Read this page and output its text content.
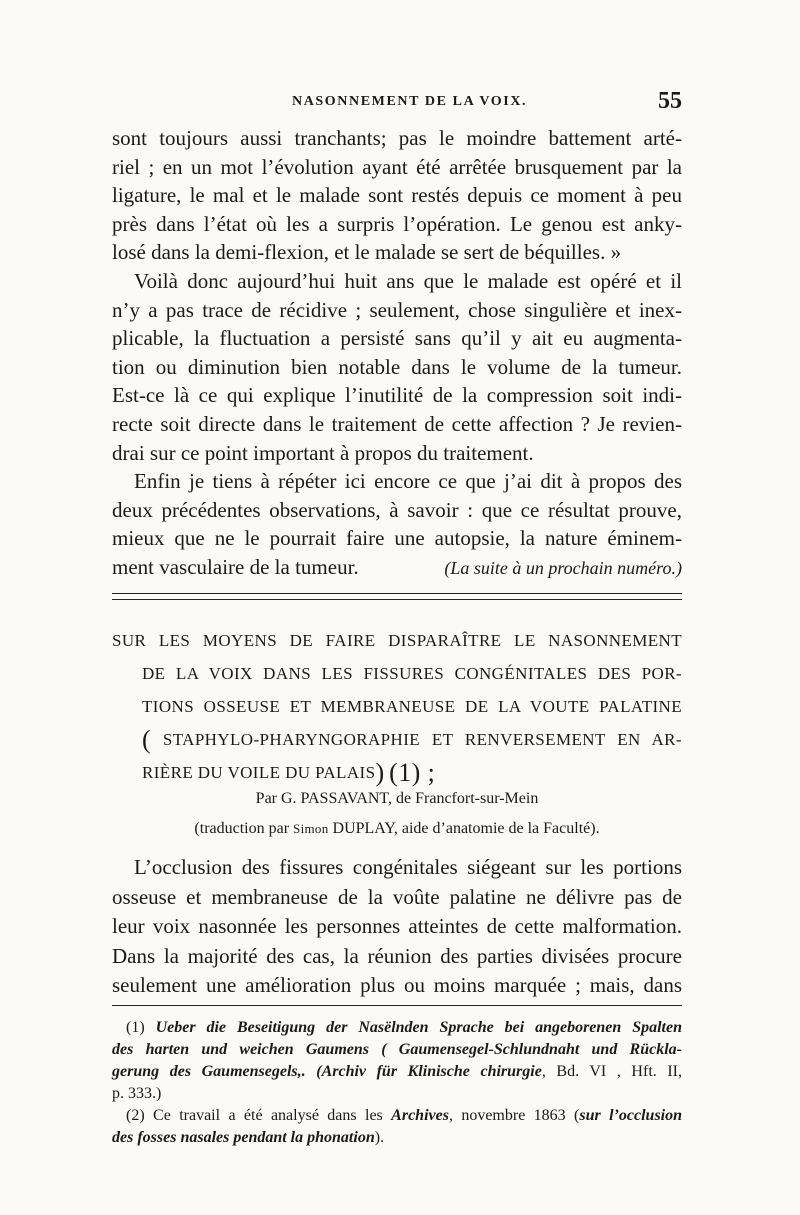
NASONNEMENT DE LA VOIX.	55
sont toujours aussi tranchants; pas le moindre battement arté-
riel ; en un mot l’évolution ayant été arrêtée brusquement par la
ligature, le mal et le malade sont restés depuis ce moment à peu
près dans l’état où les a surpris l’opération. Le genou est anky-
losé dans la demi-flexion, et le malade se sert de béquilles. »
Voilà donc aujourd’hui huit ans que le malade est opéré et il
n’y a pas trace de récidive ; seulement, chose singulière et inex-
plicable, la fluctuation a persisté sans qu’il y ait eu augmenta-
tion ou diminution bien notable dans le volume de la tumeur.
Est-ce là ce qui explique l’inutilité de la compression soit indi-
recte soit directe dans le traitement de cette affection ? Je revien-
drai sur ce point important à propos du traitement.
Enfin je tiens à répéter ici encore ce que j’ai dit à propos des
deux précédentes observations, à savoir : que ce résultat prouve,
mieux que ne le pourrait faire une autopsie, la nature éminem-
ment vasculaire de la tumeur.	(La suite à un prochain numéro.)
SUR LES MOYENS DE FAIRE DISPARAÎTRE LE NASONNEMENT
DE LA VOIX DANS LES FISSURES CONGÉNITALES DES POR-
TIONS OSSEUSE ET MEMBRANEUSE DE LA VOUTE PALATINE
( STAPHYLO-PHARYNGORAPHIE ET RENVERSEMENT EN AR-
RIÈRE DU VOILE DU PALAIS) (1) ;
Par G. PASSAVANT, de Francfort-sur-Mein
(traduction par Simon DUPLAY, aide d’anatomie de la Faculté).
L’occlusion des fissures congénitales siégeant sur les portions
osseuse et membraneuse de la voûte palatine ne délivre pas de
leur voix nasonnée les personnes atteintes de cette malformation.
Dans la majorité des cas, la réunion des parties divisées procure
seulement une amélioration plus ou moins marquée ; mais, dans
(1) Ueber die Beseitigung der Nasëlnden Sprache bei angeborenen Spalten
des harten und weichen Gaumens ( Gaumensegel-Schlundnaht und Rückla-
gerung des Gaumensegels,. (Archiv für Klinische chirurgie, Bd. VI , Hft. II,
p. 333.)
(2) Ce travail a été analysé dans les Archives, novembre 1863 (sur l’occlusion
des fosses nasales pendant la phonation).
